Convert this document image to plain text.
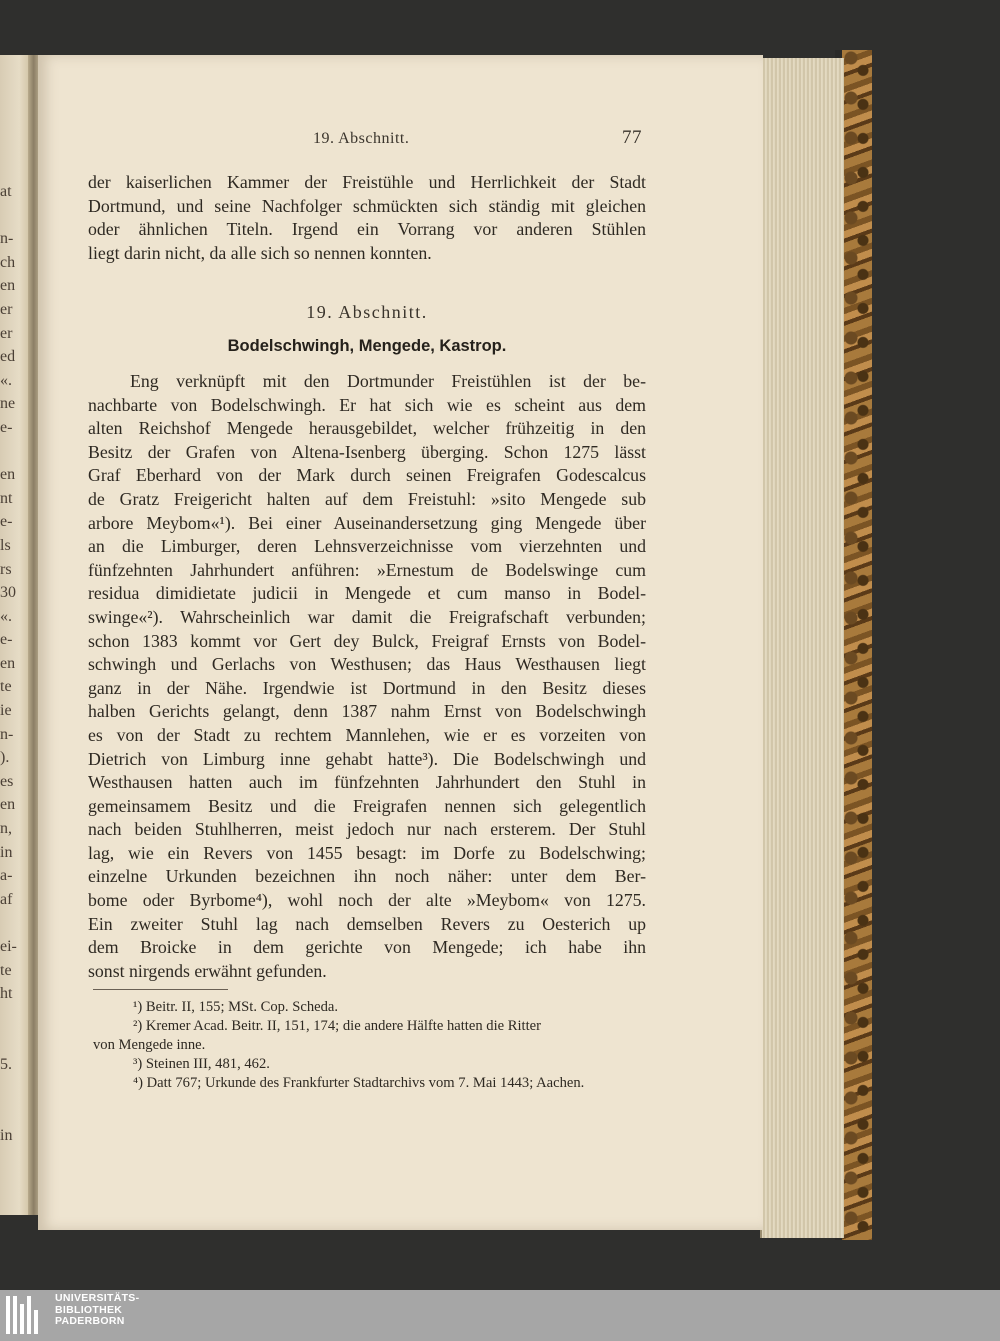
at
n-
ch
en
er
er
ed
«.
ne
e-
en
nt
e-
ls
rs
30
«.
e-
en
te
ie
n-
).
es
en
n,
in
a-
af
ei-
te
ht
5.
in
19. Abschnitt.	77
der kaiserlichen Kammer der Freistühle und Herrlichkeit der Stadt
Dortmund, und seine Nachfolger schmückten sich ständig mit gleichen
oder ähnlichen Titeln. Irgend ein Vorrang vor anderen Stühlen
liegt darin nicht, da alle sich so nennen konnten.
19. Abschnitt.
Bodelschwingh, Mengede, Kastrop.
Eng verknüpft mit den Dortmunder Freistühlen ist der be-
nachbarte von Bodelschwingh. Er hat sich wie es scheint aus dem
alten Reichshof Mengede herausgebildet, welcher frühzeitig in den
Besitz der Grafen von Altena-Isenberg überging. Schon 1275 lässt
Graf Eberhard von der Mark durch seinen Freigrafen Godescalcus
de Gratz Freigericht halten auf dem Freistuhl: »sito Mengede sub
arbore Meybom«¹). Bei einer Auseinandersetzung ging Mengede über
an die Limburger, deren Lehnsverzeichnisse vom vierzehnten und
fünfzehnten Jahrhundert anführen: »Ernestum de Bodelswinge cum
residua dimidietate judicii in Mengede et cum manso in Bodel-
swinge«²). Wahrscheinlich war damit die Freigrafschaft verbunden;
schon 1383 kommt vor Gert dey Bulck, Freigraf Ernsts von Bodel-
schwingh und Gerlachs von Westhusen; das Haus Westhausen liegt
ganz in der Nähe. Irgendwie ist Dortmund in den Besitz dieses
halben Gerichts gelangt, denn 1387 nahm Ernst von Bodelschwingh
es von der Stadt zu rechtem Mannlehen, wie er es vorzeiten von
Dietrich von Limburg inne gehabt hatte³). Die Bodelschwingh und
Westhausen hatten auch im fünfzehnten Jahrhundert den Stuhl in
gemeinsamem Besitz und die Freigrafen nennen sich gelegentlich
nach beiden Stuhlherren, meist jedoch nur nach ersterem. Der Stuhl
lag, wie ein Revers von 1455 besagt: im Dorfe zu Bodelschwing;
einzelne Urkunden bezeichnen ihn noch näher: unter dem Ber-
bome oder Byrbome⁴), wohl noch der alte »Meybom« von 1275.
Ein zweiter Stuhl lag nach demselben Revers zu Oesterich up
dem Broicke in dem gerichte von Mengede; ich habe ihn
sonst nirgends erwähnt gefunden.
¹) Beitr. II, 155; MSt. Cop. Scheda.
²) Kremer Acad. Beitr. II, 151, 174; die andere Hälfte hatten die Ritter
von Mengede inne.
³) Steinen III, 481, 462.
⁴) Datt 767; Urkunde des Frankfurter Stadtarchivs vom 7. Mai 1443; Aachen.
UNIVERSITÄTS-
BIBLIOTHEK
PADERBORN
